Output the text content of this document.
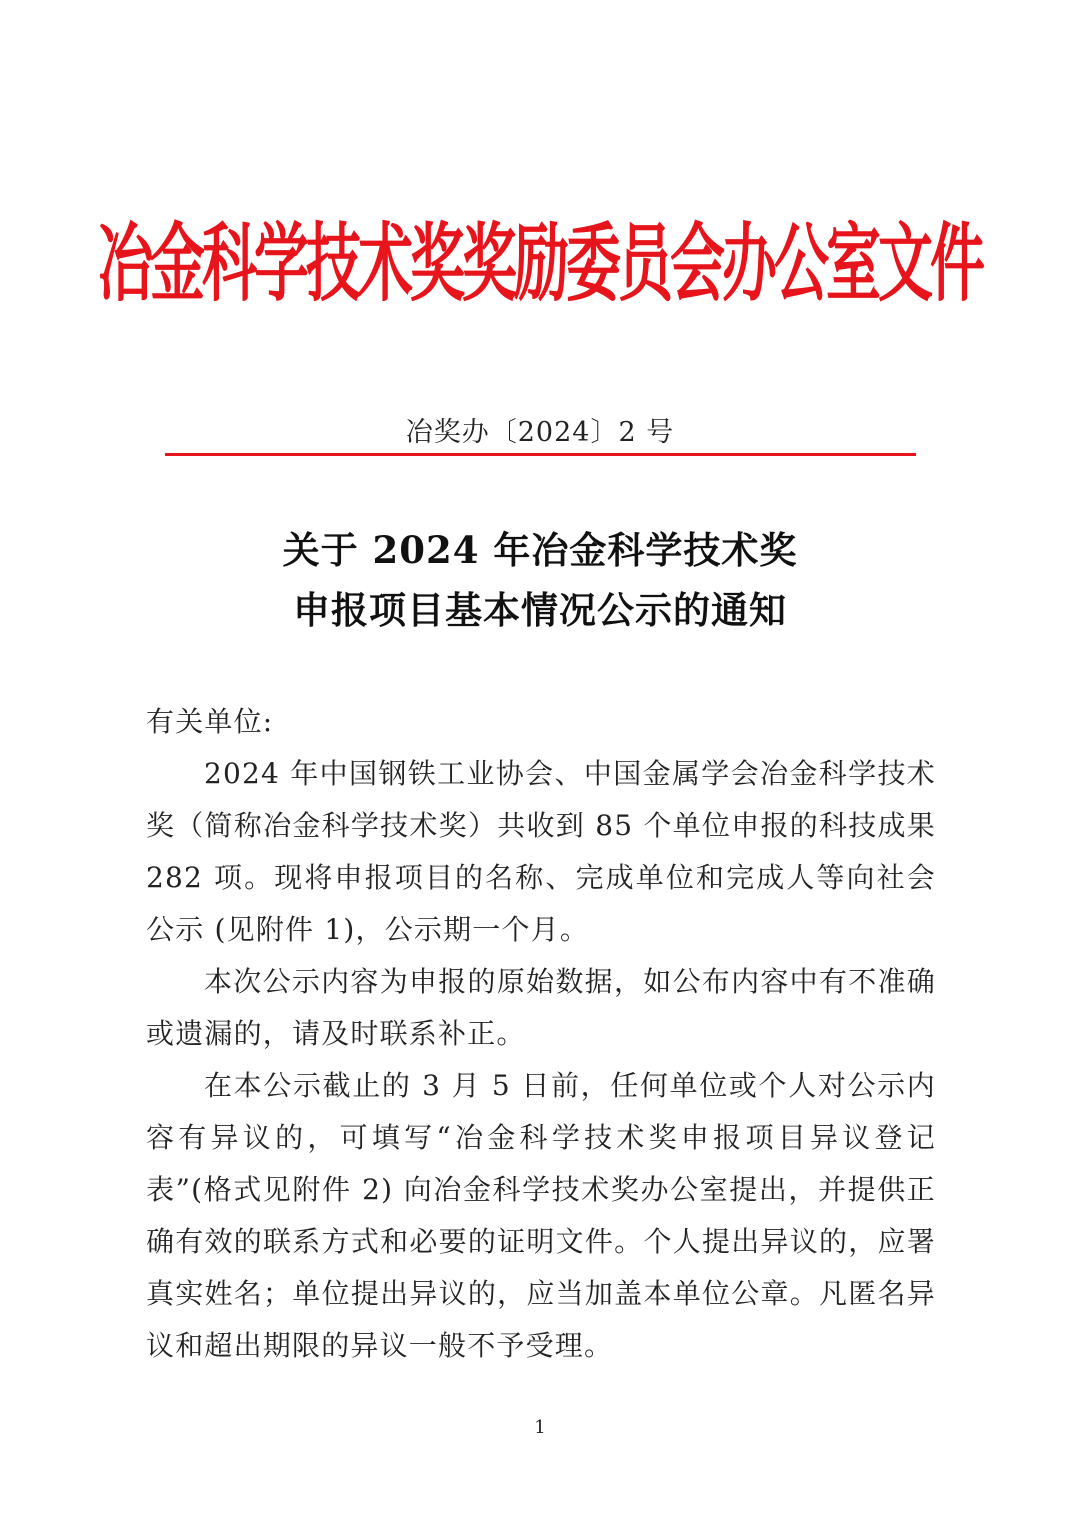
冶金科学技术奖奖励委员会办公室文件
冶奖办〔2024〕2 号
关于 2024 年冶金科学技术奖
申报项目基本情况公示的通知

有关单位:

2024 年中国钢铁工业协会、中国金属学会冶金科学技术奖（简称冶金科学技术奖）共收到 85 个单位申报的科技成果 282 项。现将申报项目的名称、完成单位和完成人等向社会公示 (见附件 1)，公示期一个月。

本次公示内容为申报的原始数据，如公布内容中有不准确或遗漏的，请及时联系补正。

在本公示截止的 3 月 5 日前，任何单位或个人对公示内容有异议的，可填写“冶金科学技术奖申报项目异议登记表”(格式见附件 2) 向冶金科学技术奖办公室提出，并提供正确有效的联系方式和必要的证明文件。个人提出异议的，应署真实姓名；单位提出异议的，应当加盖本单位公章。凡匿名异议和超出期限的异议一般不予受理。

1
